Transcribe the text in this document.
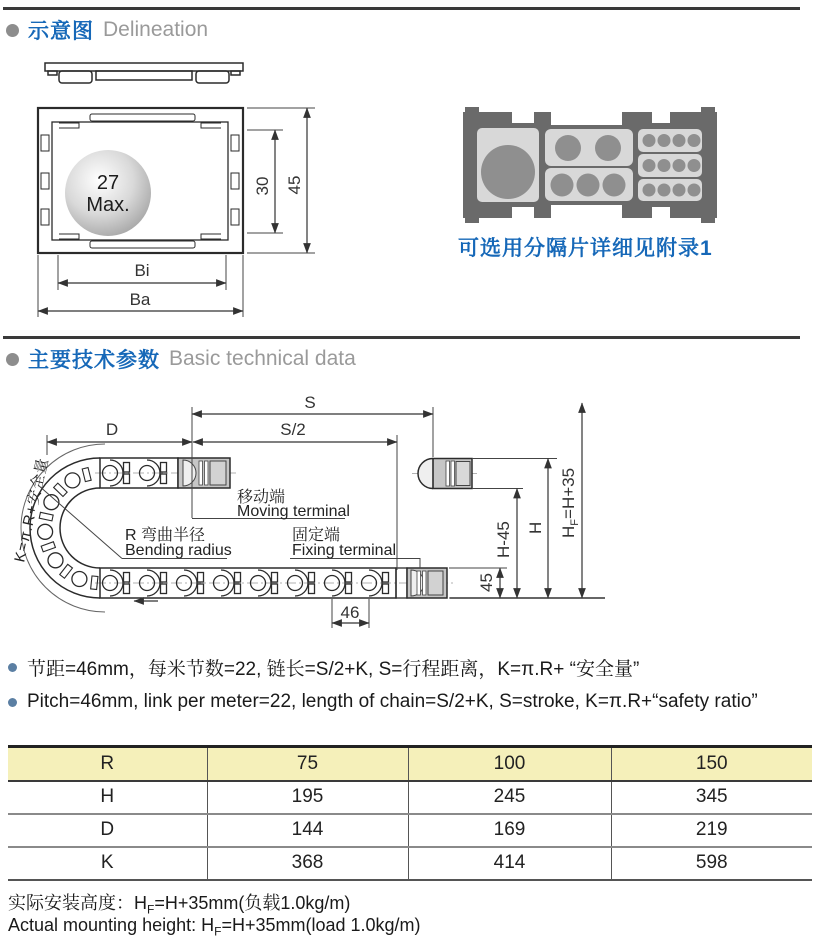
示意图 Delineation
27
Max.
30 45
Bi
Ba
可选用分隔片详细见附录1
主要技术参数 Basic technical data
K=π.R+安全量
S
S/2
D
移动端
Moving terminal
固定端
Fixing terminal
R 弯曲半径
Bending radius	H-45 H $H_F=H+35$
45
46
节距=46mm，每米节数=22, 链长=S/2+K, S=行程距离，K=π.R+ “安全量”
Pitch=46mm, link per meter=22, length of chain=S/2+K, S=stroke, K=π.R+“safety ratio”
R	75	100	150
H	195	245	345
D	144	169	219
K	368	414	598
实际安装高度：$H_F=H+35mm$(负载1.0kg/m)
Actual mounting height: $H_F=H+35mm(load$ 1.0kg/m)
